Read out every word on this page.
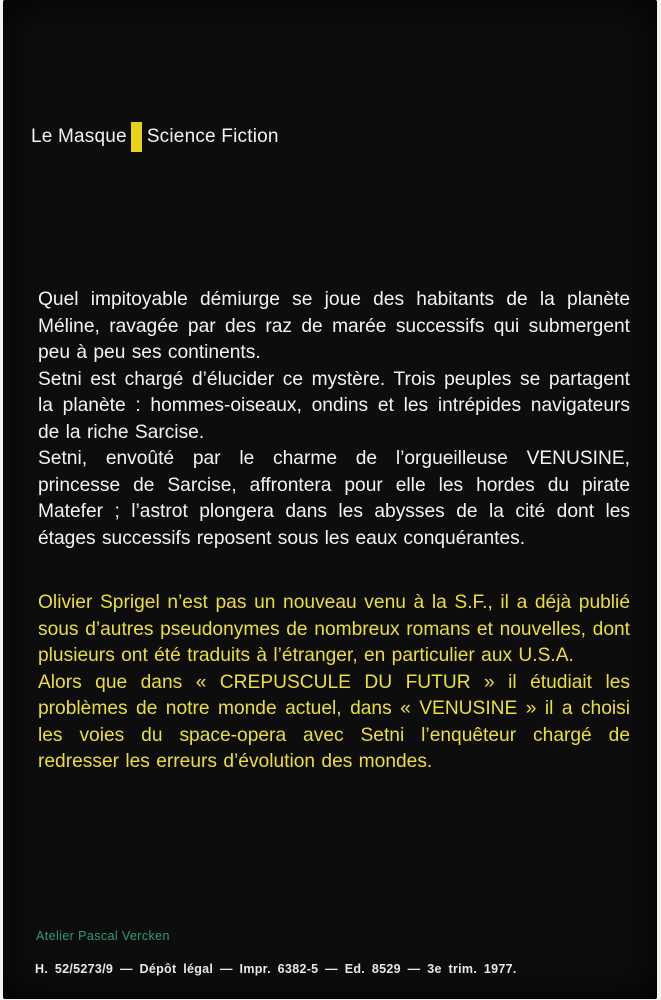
Le Masque Science Fiction

Quel impitoyable démiurge se joue des habitants de la planète Méline, ravagée par des raz de marée successifs qui submergent peu à peu ses continents.

Setni est chargé d’élucider ce mystère. Trois peuples se partagent la planète : hommes-oiseaux, ondins et les intrépides navigateurs de la riche Sarcise.

Setni, envoûté par le charme de l’orgueilleuse VENUSINE, princesse de Sarcise, affrontera pour elle les hordes du pirate Matefer ; l’astrot plongera dans les abysses de la cité dont les étages successifs reposent sous les eaux conquérantes.

Olivier Sprigel n’est pas un nouveau venu à la S.F., il a déjà publié sous d’autres pseudonymes de nombreux romans et nouvelles, dont plusieurs ont été traduits à l’étranger, en particulier aux U.S.A.

Alors que dans « CREPUSCULE DU FUTUR » il étudiait les problèmes de notre monde actuel, dans « VENUSINE » il a choisi les voies du space-opera avec Setni l’enquêteur chargé de redresser les erreurs d’évolution des mondes.

Atelier Pascal Vercken
H. 52/5273/9 — Dépôt légal — Impr. 6382-5 — Ed. 8529 — 3e trim. 1977.
